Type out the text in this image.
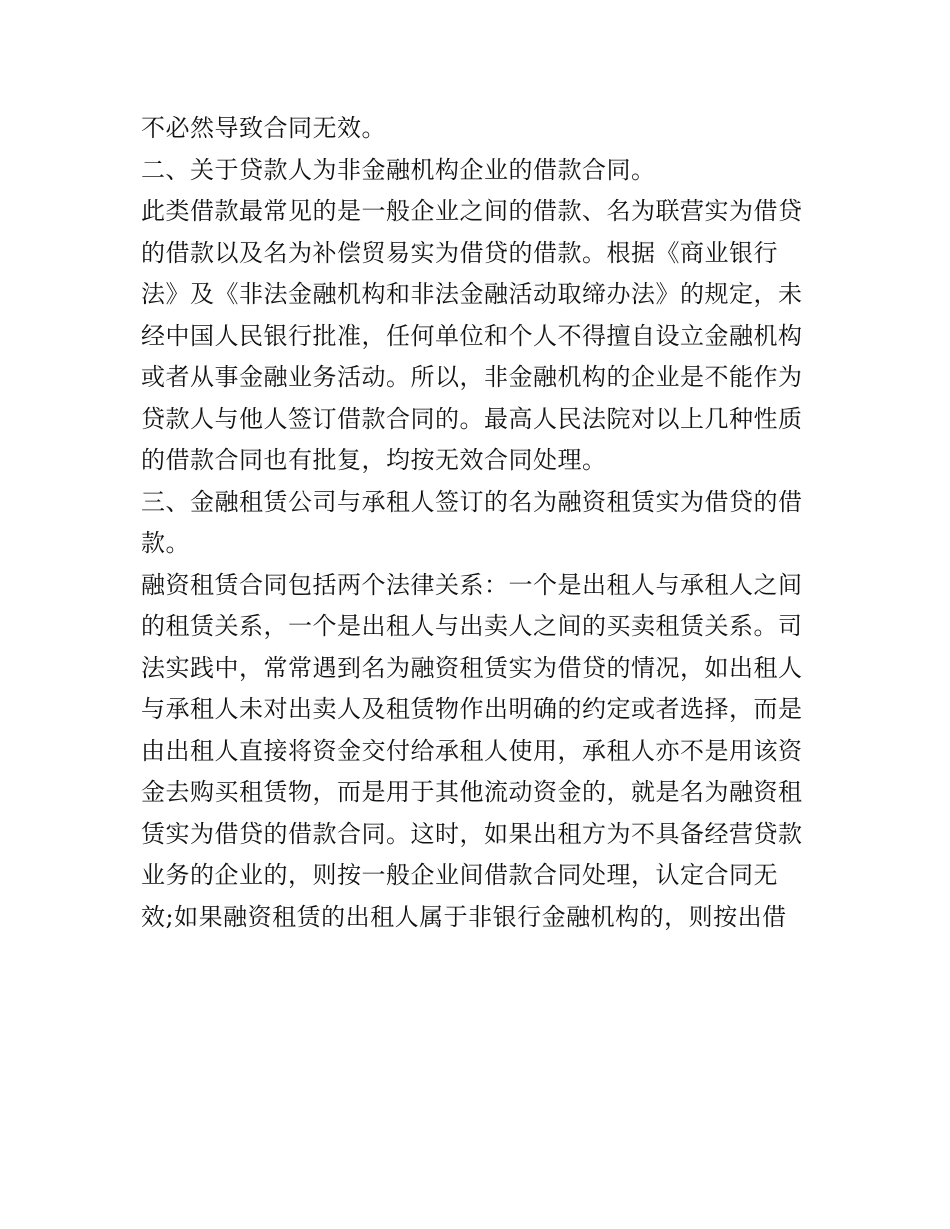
不必然导致合同无效。
二、关于贷款人为非金融机构企业的借款合同。
此类借款最常见的是一般企业之间的借款、名为联营实为借贷
的借款以及名为补偿贸易实为借贷的借款。根据《商业银行
法》及《非法金融机构和非法金融活动取缔办法》的规定，未
经中国人民银行批准，任何单位和个人不得擅自设立金融机构
或者从事金融业务活动。所以，非金融机构的企业是不能作为
贷款人与他人签订借款合同的。最高人民法院对以上几种性质
的借款合同也有批复，均按无效合同处理。
三、金融租赁公司与承租人签订的名为融资租赁实为借贷的借
款。
融资租赁合同包括两个法律关系：一个是出租人与承租人之间
的租赁关系，一个是出租人与出卖人之间的买卖租赁关系。司
法实践中，常常遇到名为融资租赁实为借贷的情况，如出租人
与承租人未对出卖人及租赁物作出明确的约定或者选择，而是
由出租人直接将资金交付给承租人使用，承租人亦不是用该资
金去购买租赁物，而是用于其他流动资金的，就是名为融资租
赁实为借贷的借款合同。这时，如果出租方为不具备经营贷款
业务的企业的，则按一般企业间借款合同处理，认定合同无
效;如果融资租赁的出租人属于非银行金融机构的，则按出借
